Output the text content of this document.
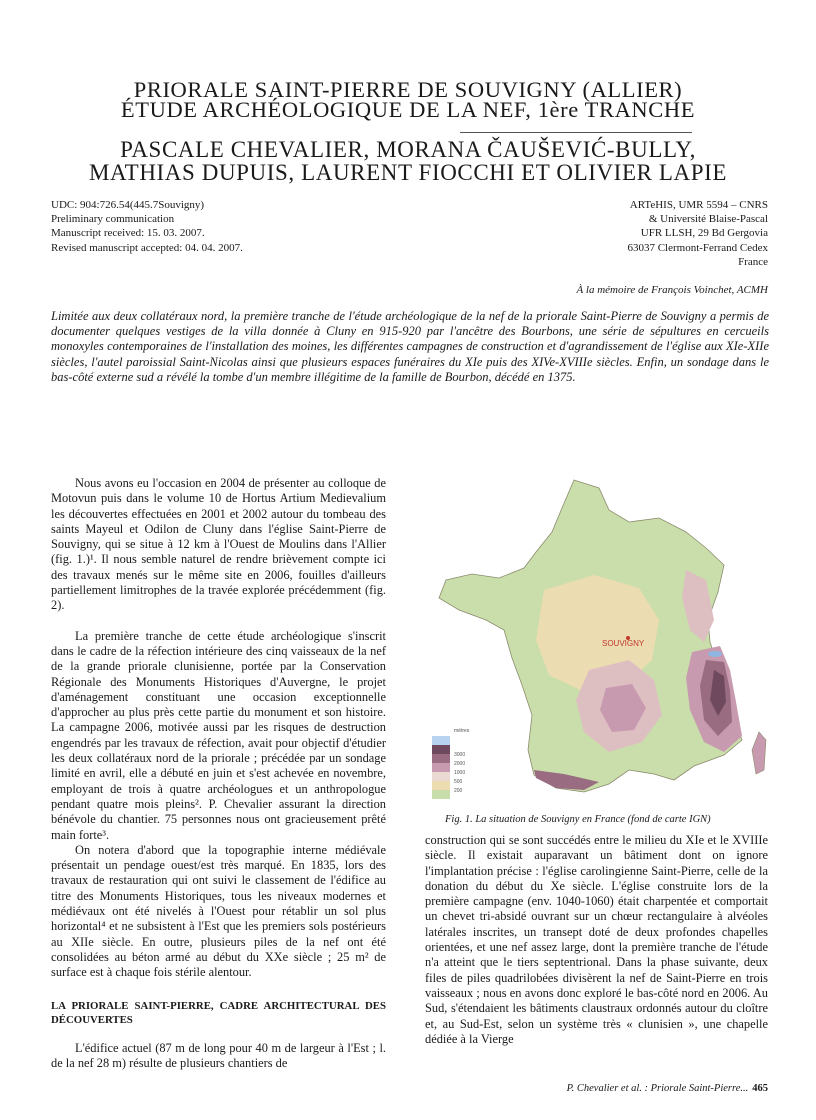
PRIORALE SAINT-PIERRE DE SOUVIGNY (ALLIER)
ÉTUDE ARCHÉOLOGIQUE DE LA NEF, 1ère TRANCHE
PASCALE CHEVALIER, MORANA ČAUŠEVIĆ-BULLY,
MATHIAS DUPUIS, LAURENT FIOCCHI ET OLIVIER LAPIE
UDC: 904:726.54(445.7Souvigny)
Preliminary communication
Manuscript received: 15. 03. 2007.
Revised manuscript accepted: 04. 04. 2007.
ARTeHIS, UMR 5594 – CNRS
& Université Blaise-Pascal
UFR LLSH, 29 Bd Gergovia
63037 Clermont-Ferrand Cedex
France
À la mémoire de François Voinchet, ACMH
Limitée aux deux collatéraux nord, la première tranche de l'étude archéologique de la nef de la priorale Saint-Pierre de Souvigny a permis de documenter quelques vestiges de la villa donnée à Cluny en 915-920 par l'ancêtre des Bourbons, une série de sépultures en cercueils monoxyles contemporaines de l'installation des moines, les différentes campagnes de construction et d'agrandissement de l'église aux XIe-XIIe siècles, l'autel paroissial Saint-Nicolas ainsi que plusieurs espaces funéraires du XIe puis des XIVe-XVIIIe siècles. Enfin, un sondage dans le bas-côté externe sud a révélé la tombe d'un membre illégitime de la famille de Bourbon, décédé en 1375.

Nous avons eu l'occasion en 2004 de présenter au colloque de Motovun puis dans le volume 10 de Hortus Artium Medievalium les découvertes effectuées en 2001 et 2002 autour du tombeau des saints Mayeul et Odilon de Cluny dans l'église Saint-Pierre de Souvigny, qui se situe à 12 km à l'Ouest de Moulins dans l'Allier (fig. 1.)¹. Il nous semble naturel de rendre brièvement compte ici des travaux menés sur le même site en 2006, fouilles d'ailleurs partiellement limitrophes de la travée explorée précédemment (fig. 2).

La première tranche de cette étude archéologique s'inscrit dans le cadre de la réfection intérieure des cinq vaisseaux de la nef de la grande priorale clunisienne, portée par la Conservation Régionale des Monuments Historiques d'Auvergne, le projet d'aménagement constituant une occasion exceptionnelle d'approcher au plus près cette partie du monument et son histoire. La campagne 2006, motivée aussi par les risques de destruction engendrés par les travaux de réfection, avait pour objectif d'étudier les deux collatéraux nord de la priorale ; précédée par un sondage limité en avril, elle a débuté en juin et s'est achevée en novembre, employant de trois à quatre archéologues et un anthropologue pendant quatre mois pleins². P. Chevalier assurant la direction bénévole du chantier. 75 personnes nous ont gracieusement prêté main forte³.

On notera d'abord que la topographie interne médiévale présentait un pendage ouest/est très marqué. En 1835, lors des travaux de restauration qui ont suivi le classement de l'édifice au titre des Monuments Historiques, tous les niveaux modernes et médiévaux ont été nivelés à l'Ouest pour rétablir un sol plus horizontal⁴ et ne subsistent à l'Est que les premiers sols postérieurs au XIIe siècle. En outre, plusieurs piles de la nef ont été consolidées au béton armé au début du XXe siècle ; 25 m² de surface est à chaque fois stérile alentour.

LA PRIORALE SAINT-PIERRE, CADRE ARCHITECTURAL DES DÉCOUVERTES

L'édifice actuel (87 m de long pour 40 m de largeur à l'Est ; l. de la nef 28 m) résulte de plusieurs chantiers de

SOUVIGNY
mètres
3000
2000
1000
500
200
Fig. 1. La situation de Souvigny en France (fond de carte IGN)

construction qui se sont succédés entre le milieu du XIe et le XVIIIe siècle. Il existait auparavant un bâtiment dont on ignore l'implantation précise : l'église carolingienne Saint-Pierre, celle de la donation du début du Xe siècle. L'église construite lors de la première campagne (env. 1040-1060) était charpentée et comportait un chevet tri-absidé ouvrant sur un chœur rectangulaire à alvéoles latérales inscrites, un transept doté de deux profondes chapelles orientées, et une nef assez large, dont la première tranche de l'étude n'a atteint que le tiers septentrional. Dans la phase suivante, deux files de piles quadrilobées divisèrent la nef de Saint-Pierre en trois vaisseaux ; nous en avons donc exploré le bas-côté nord en 2006. Au Sud, s'étendaient les bâtiments claustraux ordonnés autour du cloître et, au Sud-Est, selon un système très « clunisien », une chapelle dédiée à la Vierge

P. Chevalier et al. : Priorale Saint-Pierre... 465
